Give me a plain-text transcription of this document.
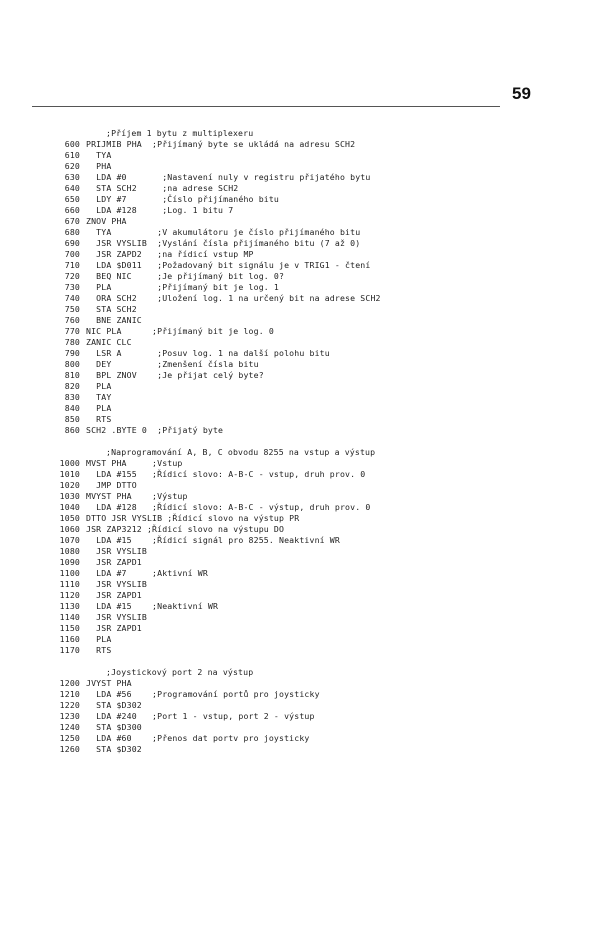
59
;Příjem 1 bytu z multiplexeru
600 PRIJMIB PHA  ;Přijímaný byte se ukládá na adresu SCH2
610 TYA
620 PHA
630 LDA #0       ;Nastavení nuly v registru přijatého bytu
640 STA SCH2     ;na adrese SCH2
650 LDY #7       ;Číslo přijímaného bitu
660 LDA #128     ;Log. 1 bitu 7
670 ZNOV PHA
680 TYA         ;V akumulátoru je číslo přijímaného bitu
690 JSR VYSLIB  ;Vyslání čísla přijímaného bitu (7 až 0)
700 JSR ZAPD2   ;na řídicí vstup MP
710 LDA $D011   ;Požadovaný bit signálu je v TRIG1 - čtení
720 BEQ NIC     ;Je přijímaný bit log. 0?
730 PLA         ;Přijímaný bit je log. 1
740 ORA SCH2    ;Uložení log. 1 na určený bit na adrese SCH2
750 STA SCH2
760 BNE ZANIC
770 NIC PLA      ;Přijímaný bit je log. 0
780 ZANIC CLC
790 LSR A       ;Posuv log. 1 na další polohu bitu
800 DEY         ;Zmenšení čísla bitu
810 BPL ZNOV    ;Je přijat celý byte?
820 PLA
830 TAY
840 PLA
850 RTS
860 SCH2 .BYTE 0  ;Přijatý byte
;Naprogramování A, B, C obvodu 8255 na vstup a výstup
1000 MVST PHA     ;Vstup
1010 LDA #155   ;Řídicí slovo: A-B-C - vstup, druh prov. 0
1020 JMP DTTO
1030 MVYST PHA    ;Výstup
1040 LDA #128   ;Řídicí slovo: A-B-C - výstup, druh prov. 0
1050 DTTO JSR VYSLIB ;Řídicí slovo na výstup PR
1060 JSR ZAP3212 ;Řídicí slovo na výstupu DO
1070 LDA #15    ;Řídicí signál pro 8255. Neaktivní WR
1080 JSR VYSLIB
1090 JSR ZAPD1
1100 LDA #7     ;Aktivní WR
1110 JSR VYSLIB
1120 JSR ZAPD1
1130 LDA #15    ;Neaktivní WR
1140 JSR VYSLIB
1150 JSR ZAPD1
1160 PLA
1170 RTS
;Joystickový port 2 na výstup
1200 JVYST PHA
1210 LDA #56    ;Programování portů pro joysticky
1220 STA $D302
1230 LDA #240   ;Port 1 - vstup, port 2 - výstup
1240 STA $D300
1250 LDA #60    ;Přenos dat portv pro joysticky
1260 STA $D302
